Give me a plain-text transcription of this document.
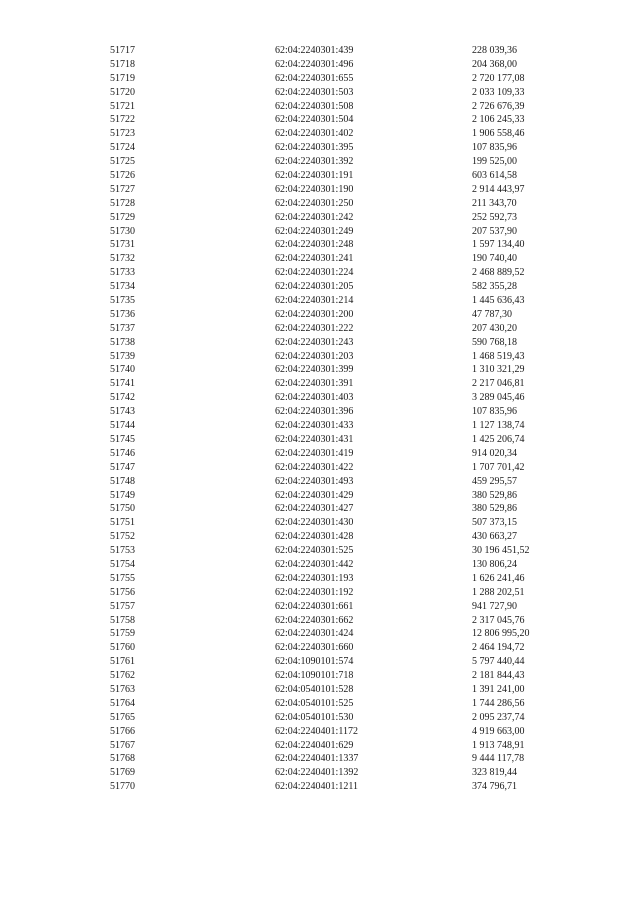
51717	62:04:2240301:439	228 039,36
51718	62:04:2240301:496	204 368,00
51719	62:04:2240301:655	2 720 177,08
51720	62:04:2240301:503	2 033 109,33
51721	62:04:2240301:508	2 726 676,39
51722	62:04:2240301:504	2 106 245,33
51723	62:04:2240301:402	1 906 558,46
51724	62:04:2240301:395	107 835,96
51725	62:04:2240301:392	199 525,00
51726	62:04:2240301:191	603 614,58
51727	62:04:2240301:190	2 914 443,97
51728	62:04:2240301:250	211 343,70
51729	62:04:2240301:242	252 592,73
51730	62:04:2240301:249	207 537,90
51731	62:04:2240301:248	1 597 134,40
51732	62:04:2240301:241	190 740,40
51733	62:04:2240301:224	2 468 889,52
51734	62:04:2240301:205	582 355,28
51735	62:04:2240301:214	1 445 636,43
51736	62:04:2240301:200	47 787,30
51737	62:04:2240301:222	207 430,20
51738	62:04:2240301:243	590 768,18
51739	62:04:2240301:203	1 468 519,43
51740	62:04:2240301:399	1 310 321,29
51741	62:04:2240301:391	2 217 046,81
51742	62:04:2240301:403	3 289 045,46
51743	62:04:2240301:396	107 835,96
51744	62:04:2240301:433	1 127 138,74
51745	62:04:2240301:431	1 425 206,74
51746	62:04:2240301:419	914 020,34
51747	62:04:2240301:422	1 707 701,42
51748	62:04:2240301:493	459 295,57
51749	62:04:2240301:429	380 529,86
51750	62:04:2240301:427	380 529,86
51751	62:04:2240301:430	507 373,15
51752	62:04:2240301:428	430 663,27
51753	62:04:2240301:525	30 196 451,52
51754	62:04:2240301:442	130 806,24
51755	62:04:2240301:193	1 626 241,46
51756	62:04:2240301:192	1 288 202,51
51757	62:04:2240301:661	941 727,90
51758	62:04:2240301:662	2 317 045,76
51759	62:04:2240301:424	12 806 995,20
51760	62:04:2240301:660	2 464 194,72
51761	62:04:1090101:574	5 797 440,44
51762	62:04:1090101:718	2 181 844,43
51763	62:04:0540101:528	1 391 241,00
51764	62:04:0540101:525	1 744 286,56
51765	62:04:0540101:530	2 095 237,74
51766	62:04:2240401:1172	4 919 663,00
51767	62:04:2240401:629	1 913 748,91
51768	62:04:2240401:1337	9 444 117,78
51769	62:04:2240401:1392	323 819,44
51770	62:04:2240401:1211	374 796,71
